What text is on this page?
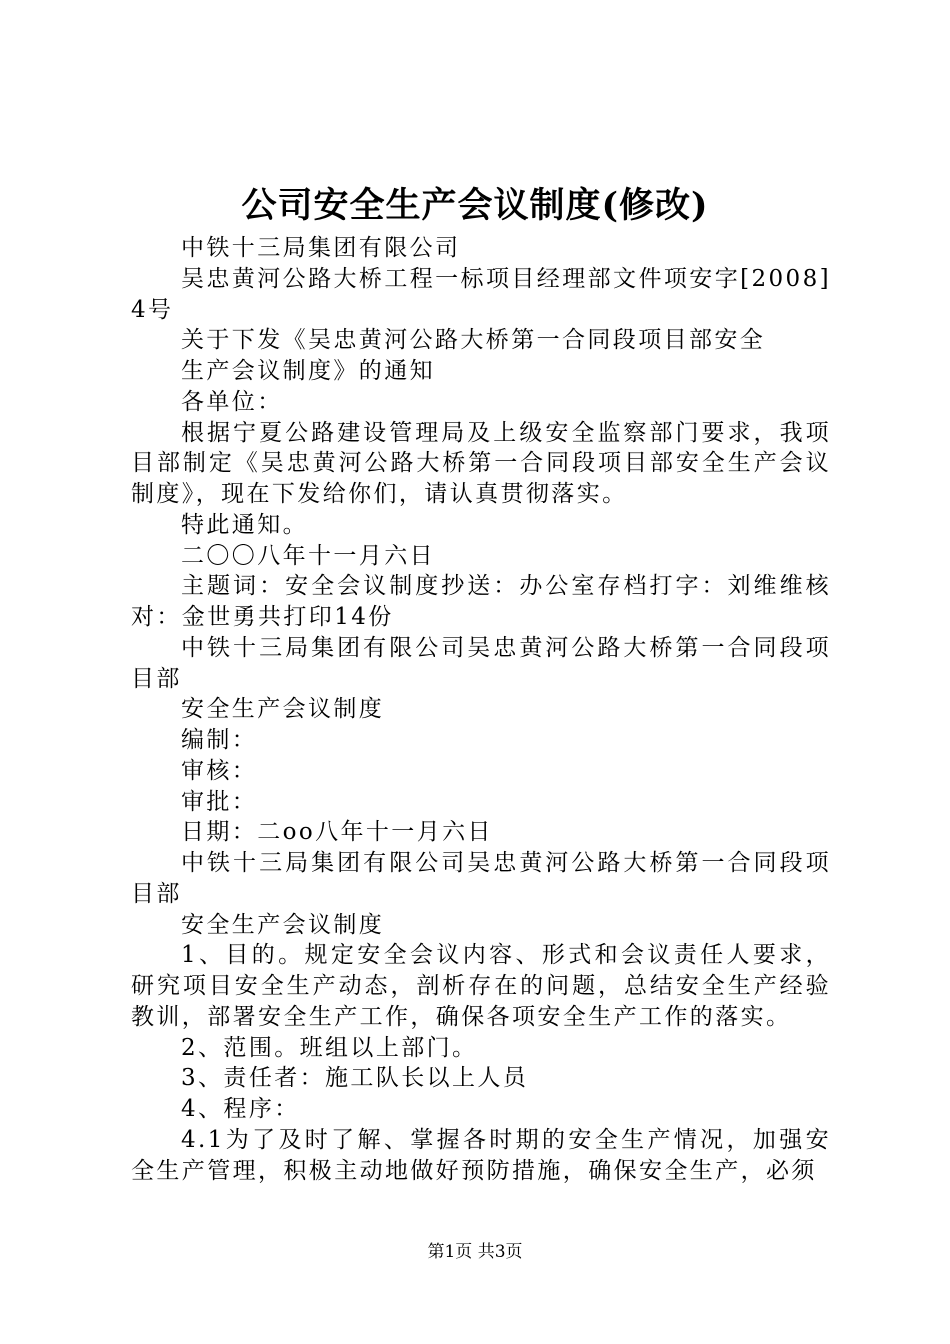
公司安全生产会议制度(修改)

中铁十三局集团有限公司

吴忠黄河公路大桥工程一标项目经理部文件项安字[2008]4号

关于下发《吴忠黄河公路大桥第一合同段项目部安全

生产会议制度》的通知

各单位：

根据宁夏公路建设管理局及上级安全监察部门要求，我项目部制定《吴忠黄河公路大桥第一合同段项目部安全生产会议制度》，现在下发给你们，请认真贯彻落实。

特此通知。

二〇〇八年十一月六日

主题词：安全会议制度抄送：办公室存档打字：刘维维核对：金世勇共打印14份

中铁十三局集团有限公司吴忠黄河公路大桥第一合同段项目部

安全生产会议制度

编制：

审核：

审批：

日期：二oo八年十一月六日

中铁十三局集团有限公司吴忠黄河公路大桥第一合同段项目部

安全生产会议制度

1、目的。规定安全会议内容、形式和会议责任人要求，研究项目安全生产动态，剖析存在的问题，总结安全生产经验教训，部署安全生产工作，确保各项安全生产工作的落实。

2、范围。班组以上部门。

3、责任者：施工队长以上人员

4、程序：

4.1为了及时了解、掌握各时期的安全生产情况，加强安全生产管理，积极主动地做好预防措施，确保安全生产，必须

第1页 共3页
